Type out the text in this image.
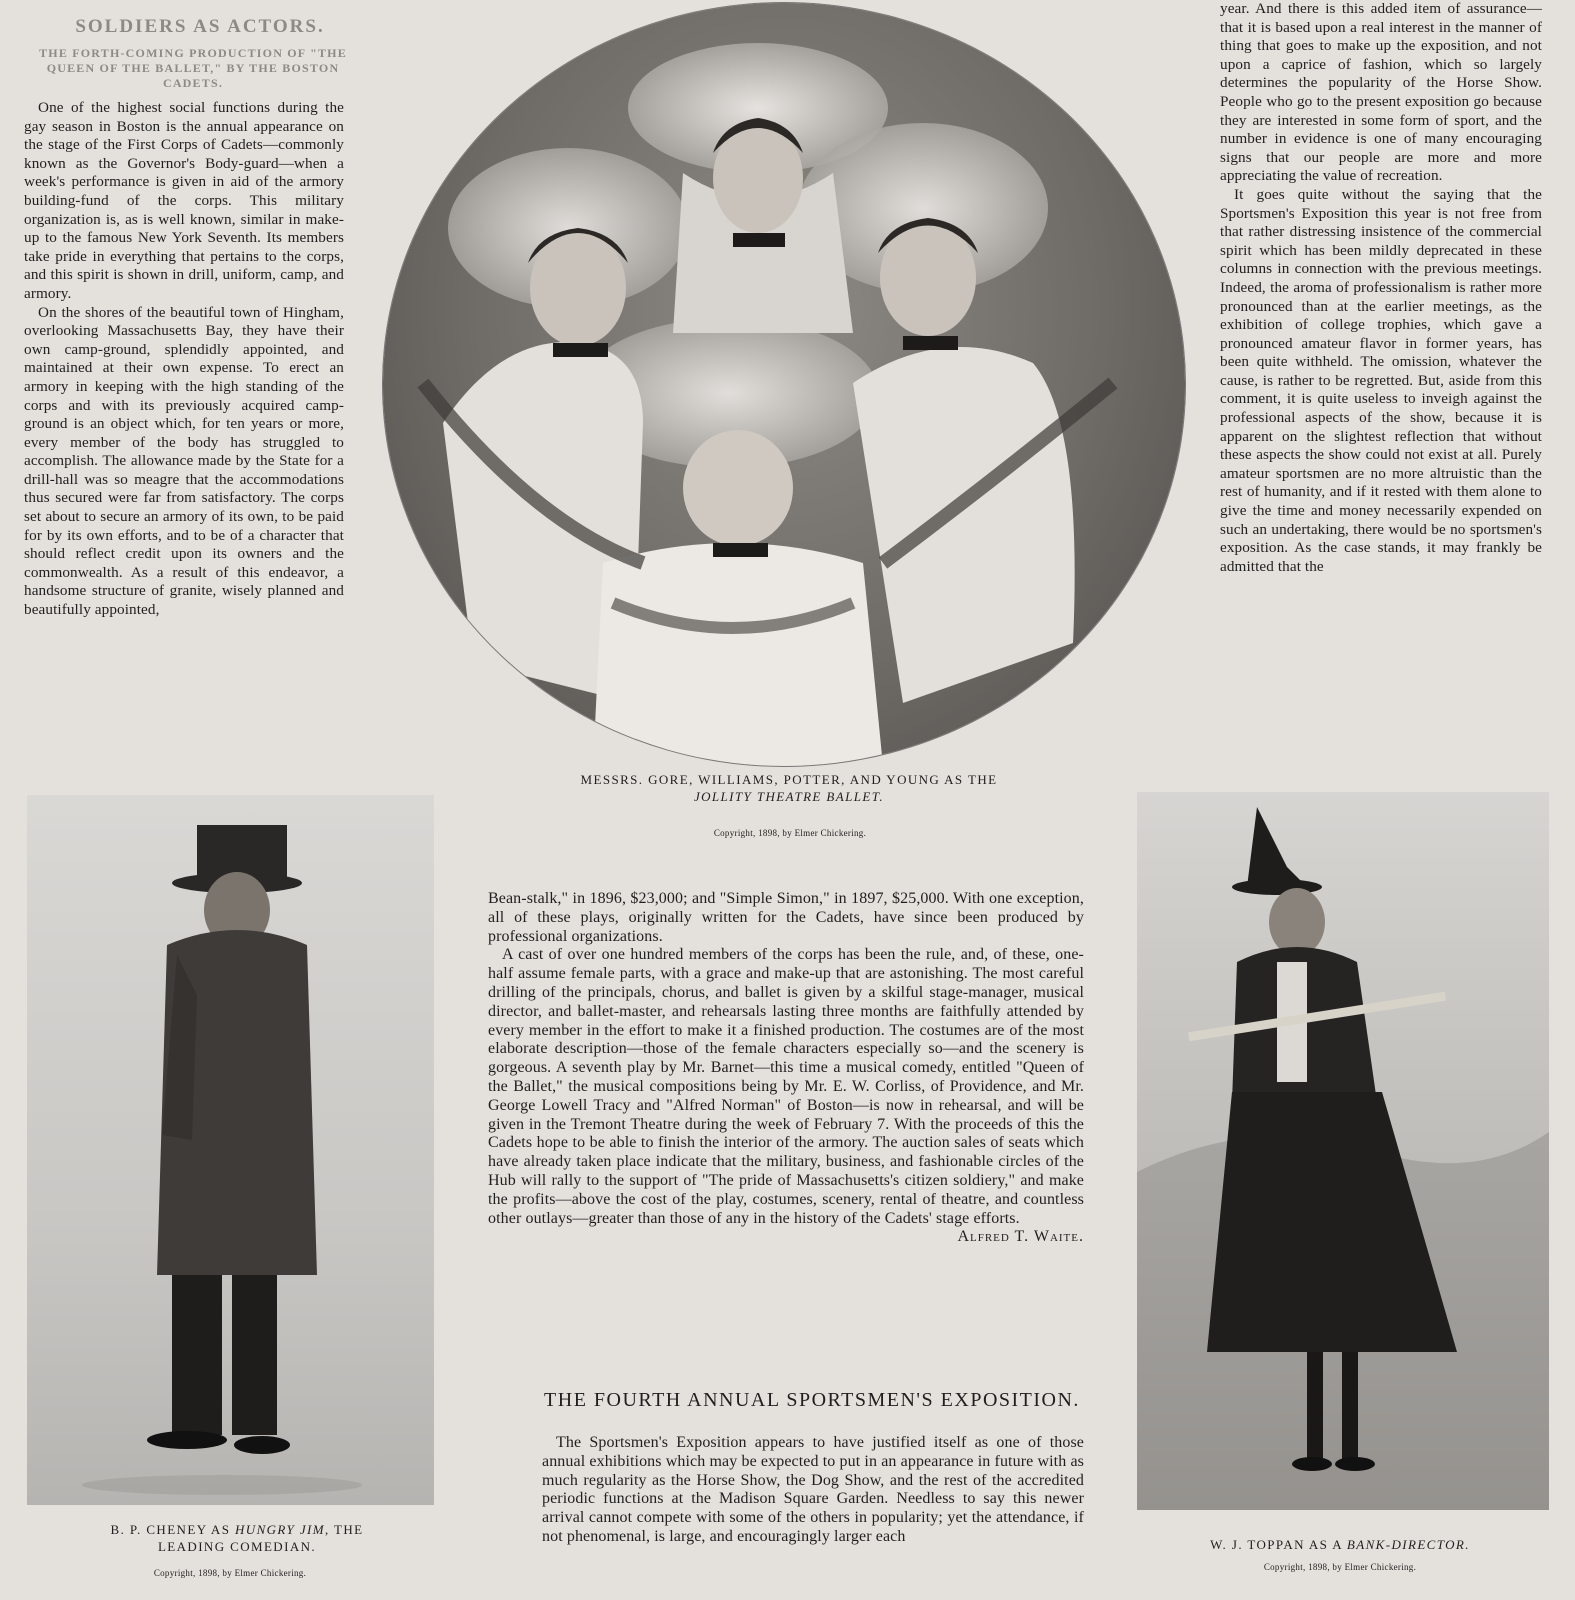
SOLDIERS AS ACTORS.
THE FORTH-COMING PRODUCTION OF "THE QUEEN OF THE BALLET," BY THE BOSTON CADETS.

One of the highest social functions during the gay season in Boston is the annual appearance on the stage of the First Corps of Cadets—commonly known as the Governor's Body-guard—when a week's performance is given in aid of the armory building-fund of the corps. This military organization is, as is well known, similar in make-up to the famous New York Seventh. Its members take pride in everything that pertains to the corps, and this spirit is shown in drill, uniform, camp, and armory.

On the shores of the beautiful town of Hingham, overlooking Massachusetts Bay, they have their own camp-ground, splendidly appointed, and maintained at their own expense. To erect an armory in keeping with the high standing of the corps and with its previously acquired camp-ground is an object which, for ten years or more, every member of the body has struggled to accomplish. The allowance made by the State for a drill-hall was so meagre that the accommodations thus secured were far from satisfactory. The corps set about to secure an armory of its own, to be paid for by its own efforts, and to be of a character that should reflect credit upon its owners and the commonwealth. As a result of this endeavor, a handsome structure of granite, wisely planned and beautifully appointed,

MESSRS. GORE, WILLIAMS, POTTER, AND YOUNG AS THE
JOLLITY THEATRE BALLET.

Copyright, 1898, by Elmer Chickering.

year. And there is this added item of assurance—that it is based upon a real interest in the manner of thing that goes to make up the exposition, and not upon a caprice of fashion, which so largely determines the popularity of the Horse Show. People who go to the present exposition go because they are interested in some form of sport, and the number in evidence is one of many encouraging signs that our people are more and more appreciating the value of recreation.

It goes quite without the saying that the Sportsmen's Exposition this year is not free from that rather distressing insistence of the commercial spirit which has been mildly deprecated in these columns in connection with the previous meetings. Indeed, the aroma of professionalism is rather more pronounced than at the earlier meetings, as the exhibition of college trophies, which gave a pronounced amateur flavor in former years, has been quite withheld. The omission, whatever the cause, is rather to be regretted. But, aside from this comment, it is quite useless to inveigh against the professional aspects of the show, because it is apparent on the slightest reflection that without these aspects the show could not exist at all. Purely amateur sportsmen are no more altruistic than the rest of humanity, and if it rested with them alone to give the time and money necessarily expended on such an undertaking, there would be no sportsmen's exposition. As the case stands, it may frankly be admitted that the

B. P. CHENEY AS HUNGRY JIM, THE
LEADING COMEDIAN.

Copyright, 1898, by Elmer Chickering.

Bean-stalk," in 1896, $23,000; and "Simple Simon," in 1897, $25,000. With one exception, all of these plays, originally written for the Cadets, have since been produced by professional organizations.

A cast of over one hundred members of the corps has been the rule, and, of these, one-half assume female parts, with a grace and make-up that are astonishing. The most careful drilling of the principals, chorus, and ballet is given by a skilful stage-manager, musical director, and ballet-master, and rehearsals lasting three months are faithfully attended by every member in the effort to make it a finished production. The costumes are of the most elaborate description—those of the female characters especially so—and the scenery is gorgeous. A seventh play by Mr. Barnet—this time a musical comedy, entitled "Queen of the Ballet," the musical compositions being by Mr. E. W. Corliss, of Providence, and Mr. George Lowell Tracy and "Alfred Norman" of Boston—is now in rehearsal, and will be given in the Tremont Theatre during the week of February 7. With the proceeds of this the Cadets hope to be able to finish the interior of the armory. The auction sales of seats which have already taken place indicate that the military, business, and fashionable circles of the Hub will rally to the support of "The pride of Massachusetts's citizen soldiery," and make the profits—above the cost of the play, costumes, scenery, rental of theatre, and countless other outlays—greater than those of any in the history of the Cadets' stage efforts.
Alfred T. Waite.

THE FOURTH ANNUAL SPORTSMEN'S EXPOSITION.

The Sportsmen's Exposition appears to have justified itself as one of those annual exhibitions which may be expected to put in an appearance in future with as much regularity as the Horse Show, the Dog Show, and the rest of the accredited periodic functions at the Madison Square Garden. Needless to say this newer arrival cannot compete with some of the others in popularity; yet the attendance, if not phenomenal, is large, and encouragingly larger each	W. J. TOPPAN AS A BANK-DIRECTOR.

Copyright, 1898, by Elmer Chickering.
